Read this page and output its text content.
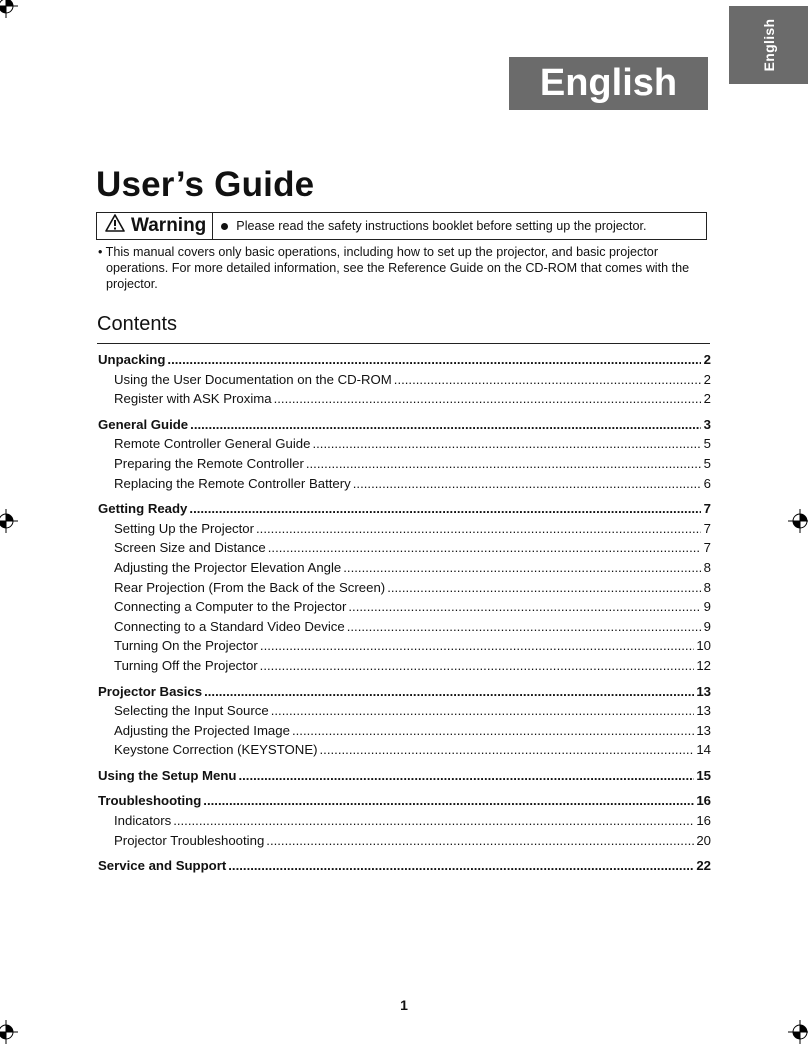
English
English
User’s Guide
Warning Please read the safety instructions booklet before setting up the projector.

• This manual covers only basic operations, including how to set up the projector, and basic projector operations. For more detailed information, see the Reference Guide on the CD-ROM that comes with the projector.

Contents
Unpacking .....	2
Using the User Documentation on the CD-ROM .....	2
Register with ASK Proxima .....	2
General Guide .....	3
Remote Controller General Guide .....	5
Preparing the Remote Controller .....	5
Replacing the Remote Controller Battery .....	6
Getting Ready .....	7
Setting Up the Projector .....	7
Screen Size and Distance .....	7
Adjusting the Projector Elevation Angle .....	8
Rear Projection (From the Back of the Screen) .....	8
Connecting a Computer to the Projector .....	9
Connecting to a Standard Video Device .....	9
Turning On the Projector .....	10
Turning Off the Projector .....	12
Projector Basics .....	13
Selecting the Input Source .....	13
Adjusting the Projected Image .....	13
Keystone Correction (KEYSTONE) .....	14
Using the Setup Menu .....	15
Troubleshooting .....	16
Indicators .....	16
Projector Troubleshooting .....	20
Service and Support .....	22
1
